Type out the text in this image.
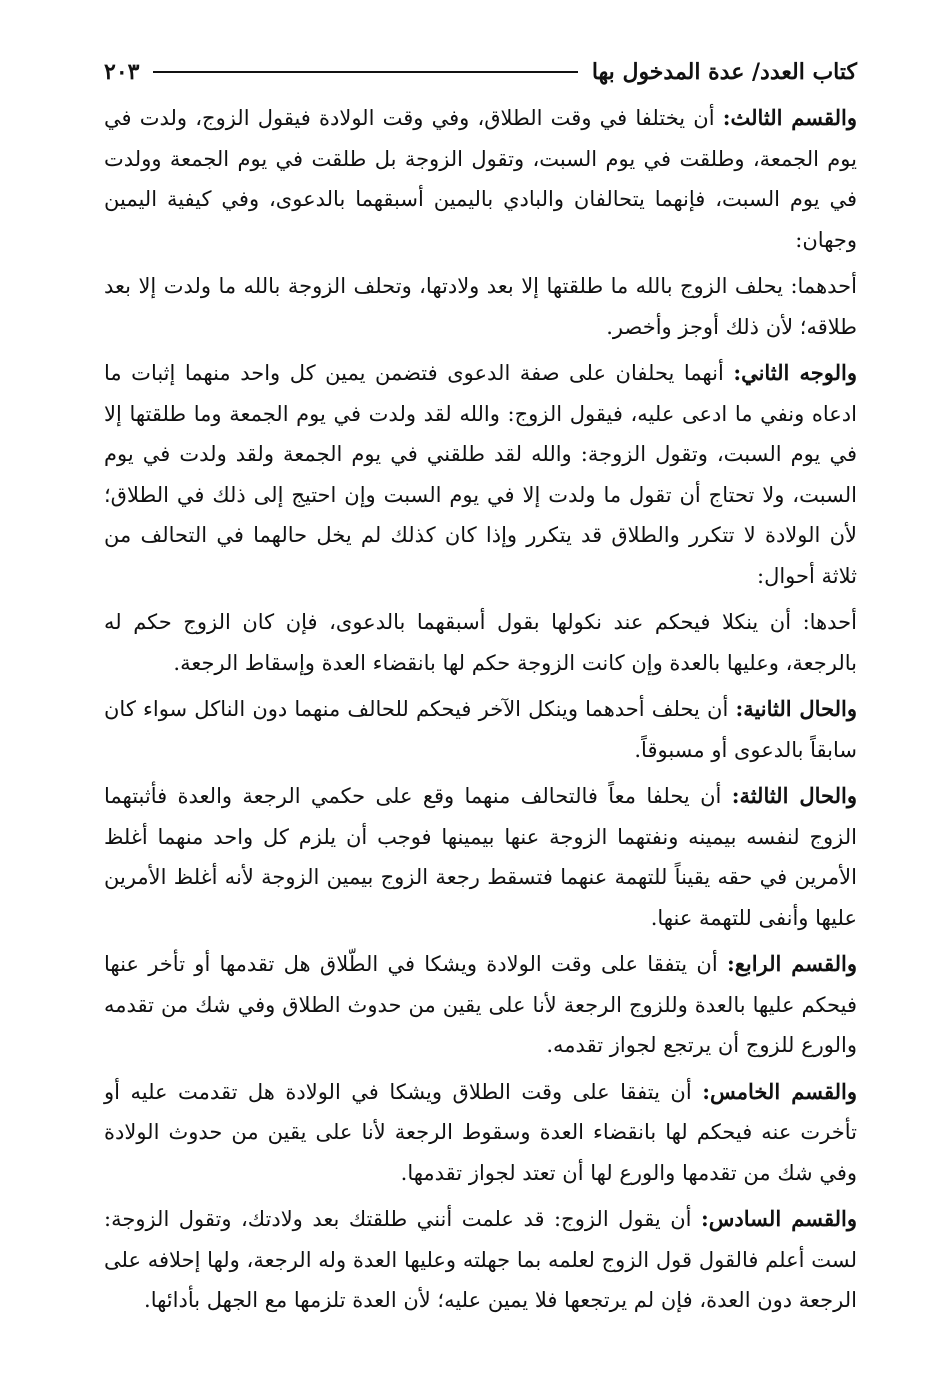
كتاب العدد/ عدة المدخول بها
٢٠٣

والقسم الثالث: أن يختلفا في وقت الطلاق، وفي وقت الولادة فيقول الزوج، ولدت في يوم الجمعة، وطلقت في يوم السبت، وتقول الزوجة بل طلقت في يوم الجمعة وولدت في يوم السبت، فإنهما يتحالفان والبادي باليمين أسبقهما بالدعوى، وفي كيفية اليمين وجهان:

أحدهما: يحلف الزوج بالله ما طلقتها إلا بعد ولادتها، وتحلف الزوجة بالله ما ولدت إلا بعد طلاقه؛ لأن ذلك أوجز وأخصر.

والوجه الثاني: أنهما يحلفان على صفة الدعوى فتضمن يمين كل واحد منهما إثبات ما ادعاه ونفي ما ادعى عليه، فيقول الزوج: والله لقد ولدت في يوم الجمعة وما طلقتها إلا في يوم السبت، وتقول الزوجة: والله لقد طلقني في يوم الجمعة ولقد ولدت في يوم السبت، ولا تحتاج أن تقول ما ولدت إلا في يوم السبت وإن احتيج إلى ذلك في الطلاق؛ لأن الولادة لا تتكرر والطلاق قد يتكرر وإذا كان كذلك لم يخل حالهما في التحالف من ثلاثة أحوال:

أحدها: أن ينكلا فيحكم عند نكولها بقول أسبقهما بالدعوى، فإن كان الزوج حكم له بالرجعة، وعليها بالعدة وإن كانت الزوجة حكم لها بانقضاء العدة وإسقاط الرجعة.

والحال الثانية: أن يحلف أحدهما وينكل الآخر فيحكم للحالف منهما دون الناكل سواء كان سابقاً بالدعوى أو مسبوقاً.

والحال الثالثة: أن يحلفا معاً فالتحالف منهما وقع على حكمي الرجعة والعدة فأثبتهما الزوج لنفسه بيمينه ونفتهما الزوجة عنها بيمينها فوجب أن يلزم كل واحد منهما أغلظ الأمرين في حقه يقيناً للتهمة عنهما فتسقط رجعة الزوج بيمين الزوجة لأنه أغلظ الأمرين عليها وأنفى للتهمة عنها.

والقسم الرابع: أن يتفقا على وقت الولادة ويشكا في الطّلاق هل تقدمها أو تأخر عنها فيحكم عليها بالعدة وللزوج الرجعة لأنا على يقين من حدوث الطلاق وفي شك من تقدمه والورع للزوج أن يرتجع لجواز تقدمه.

والقسم الخامس: أن يتفقا على وقت الطلاق ويشكا في الولادة هل تقدمت عليه أو تأخرت عنه فيحكم لها بانقضاء العدة وسقوط الرجعة لأنا على يقين من حدوث الولادة وفي شك من تقدمها والورع لها أن تعتد لجواز تقدمها.

والقسم السادس: أن يقول الزوج: قد علمت أنني طلقتك بعد ولادتك، وتقول الزوجة: لست أعلم فالقول قول الزوج لعلمه بما جهلته وعليها العدة وله الرجعة، ولها إحلافه على الرجعة دون العدة، فإن لم يرتجعها فلا يمين عليه؛ لأن العدة تلزمها مع الجهل بأدائها.
